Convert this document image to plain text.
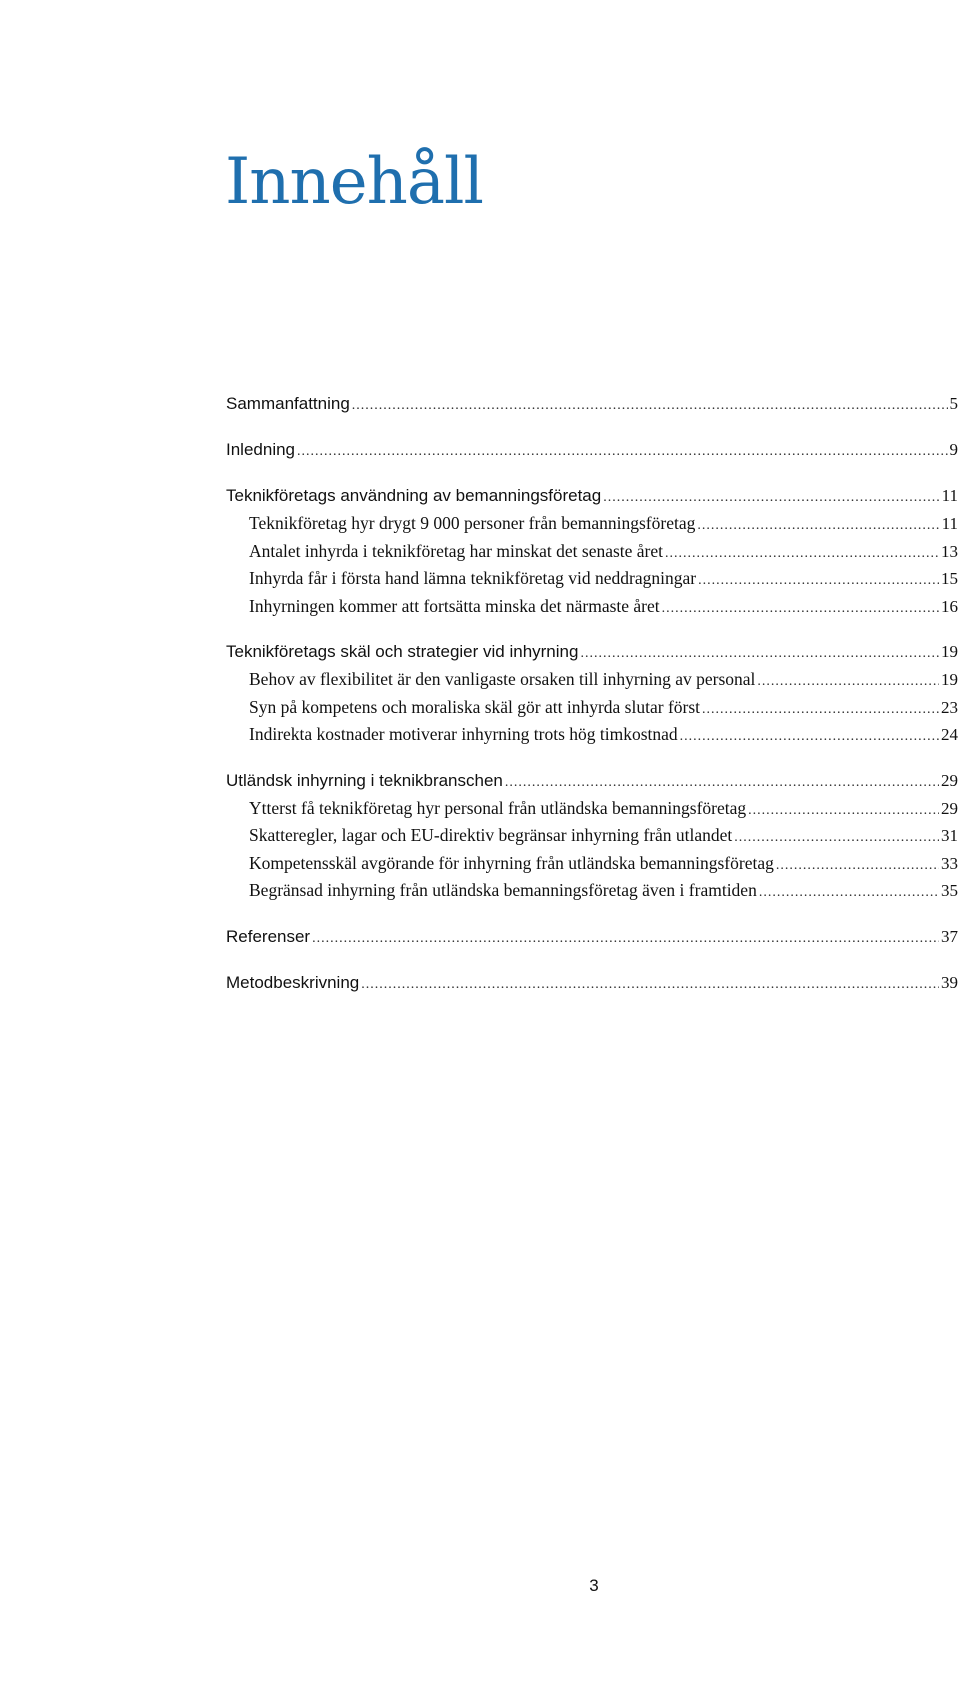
Innehåll
Sammanfattning .....	5
Inledning .....	9
Teknikföretags användning av bemanningsföretag .....	11
Teknikföretag hyr drygt 9 000 personer från bemanningsföretag .....	11
Antalet inhyrda i teknikföretag har minskat det senaste året .....	13
Inhyrda får i första hand lämna teknikföretag vid neddragningar .....	15
Inhyrningen kommer att fortsätta minska det närmaste året .....	16
Teknikföretags skäl och strategier vid inhyrning .....	19
Behov av flexibilitet är den vanligaste orsaken till inhyrning av personal .....	19
Syn på kompetens och moraliska skäl gör att inhyrda slutar först .....	23
Indirekta kostnader motiverar inhyrning trots hög timkostnad .....	24
Utländsk inhyrning i teknikbranschen .....	29
Ytterst få teknikföretag hyr personal från utländska bemanningsföretag .....	29
Skatteregler, lagar och EU-direktiv begränsar inhyrning från utlandet .....	31
Kompetensskäl avgörande för inhyrning från utländska bemanningsföretag .....	33
Begränsad inhyrning från utländska bemanningsföretag även i framtiden .....	35
Referenser .....	37
Metodbeskrivning .....	39
3
